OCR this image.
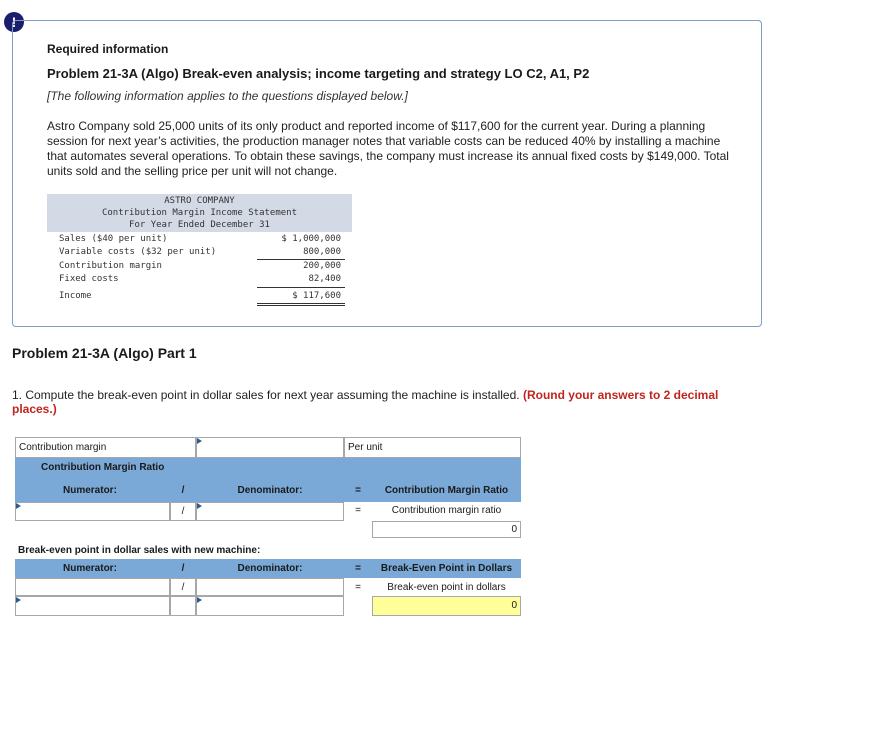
!
Required information
Problem 21-3A (Algo) Break-even analysis; income targeting and strategy LO C2, A1, P2
[The following information applies to the questions displayed below.]
Astro Company sold 25,000 units of its only product and reported income of $117,600 for the current year. During a planning session for next year’s activities, the production manager notes that variable costs can be reduced 40% by installing a machine that automates several operations. To obtain these savings, the company must increase its annual fixed costs by $149,000. Total units sold and the selling price per unit will not change.
ASTRO COMPANY
Contribution Margin Income Statement
For Year Ended December 31
Sales ($40 per unit)	$ 1,000,000
Variable costs ($32 per unit)	800,000
Contribution margin	200,000
Fixed costs	82,400
Income	$ 117,600
Problem 21-3A (Algo) Part 1
1. Compute the break-even point in dollar sales for next year assuming the machine is installed. (Round your answers to 2 decimal places.)
Contribution margin	Per unit
Contribution Margin Ratio
Numerator:	/	Denominator:	=	Contribution Margin Ratio
/	=	Contribution margin ratio
0
Break-even point in dollar sales with new machine:
Numerator:	/	Denominator:	=	Break-Even Point in Dollars
/	=	Break-even point in dollars
0
